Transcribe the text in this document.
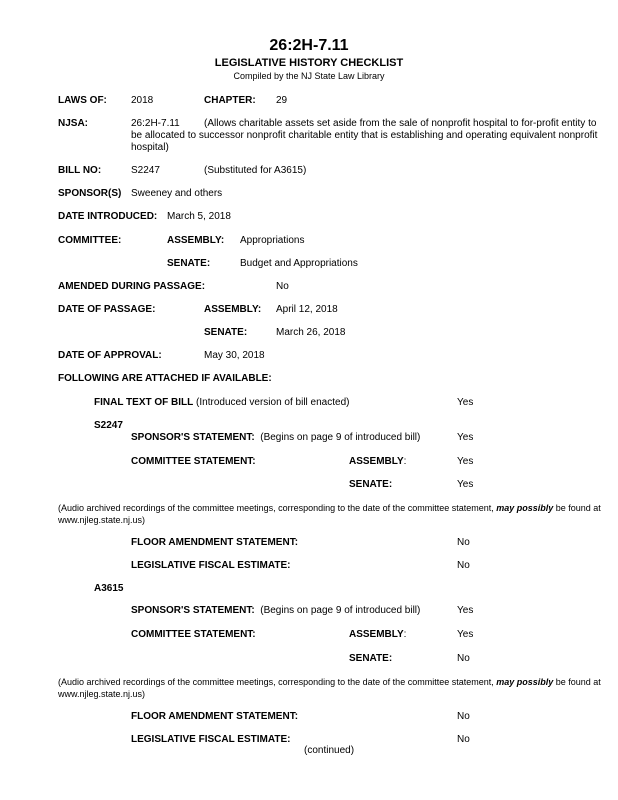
26:2H-7.11
LEGISLATIVE HISTORY CHECKLIST
Compiled by the NJ State Law Library
LAWS OF: 2018	CHAPTER: 29
NJSA:	26:2H-7.11	(Allows charitable assets set aside from the sale of nonprofit hospital to for-profit entity to be allocated to successor nonprofit charitable entity that is establishing and operating equivalent nonprofit hospital)
BILL NO:	S2247	(Substituted for A3615)
SPONSOR(S) Sweeney and others
DATE INTRODUCED: March 5, 2018
COMMITTEE:	ASSEMBLY: Appropriations
SENATE:	Budget and Appropriations
AMENDED DURING PASSAGE:	No
DATE OF PASSAGE:	ASSEMBLY: April 12, 2018
SENATE:	March 26, 2018
DATE OF APPROVAL:	May 30, 2018
FOLLOWING ARE ATTACHED IF AVAILABLE:
FINAL TEXT OF BILL (Introduced version of bill enacted)	Yes
S2247
SPONSOR'S STATEMENT: (Begins on page 9 of introduced bill)	Yes
COMMITTEE STATEMENT:	ASSEMBLY:	Yes
SENATE:	Yes
(Audio archived recordings of the committee meetings, corresponding to the date of the committee statement, may possibly be found at www.njleg.state.nj.us)
FLOOR AMENDMENT STATEMENT:	No
LEGISLATIVE FISCAL ESTIMATE:	No
A3615
SPONSOR'S STATEMENT: (Begins on page 9 of introduced bill)	Yes
COMMITTEE STATEMENT:	ASSEMBLY:	Yes
SENATE:	No
(Audio archived recordings of the committee meetings, corresponding to the date of the committee statement, may possibly be found at www.njleg.state.nj.us)
FLOOR AMENDMENT STATEMENT:	No
LEGISLATIVE FISCAL ESTIMATE:	No
(continued)
